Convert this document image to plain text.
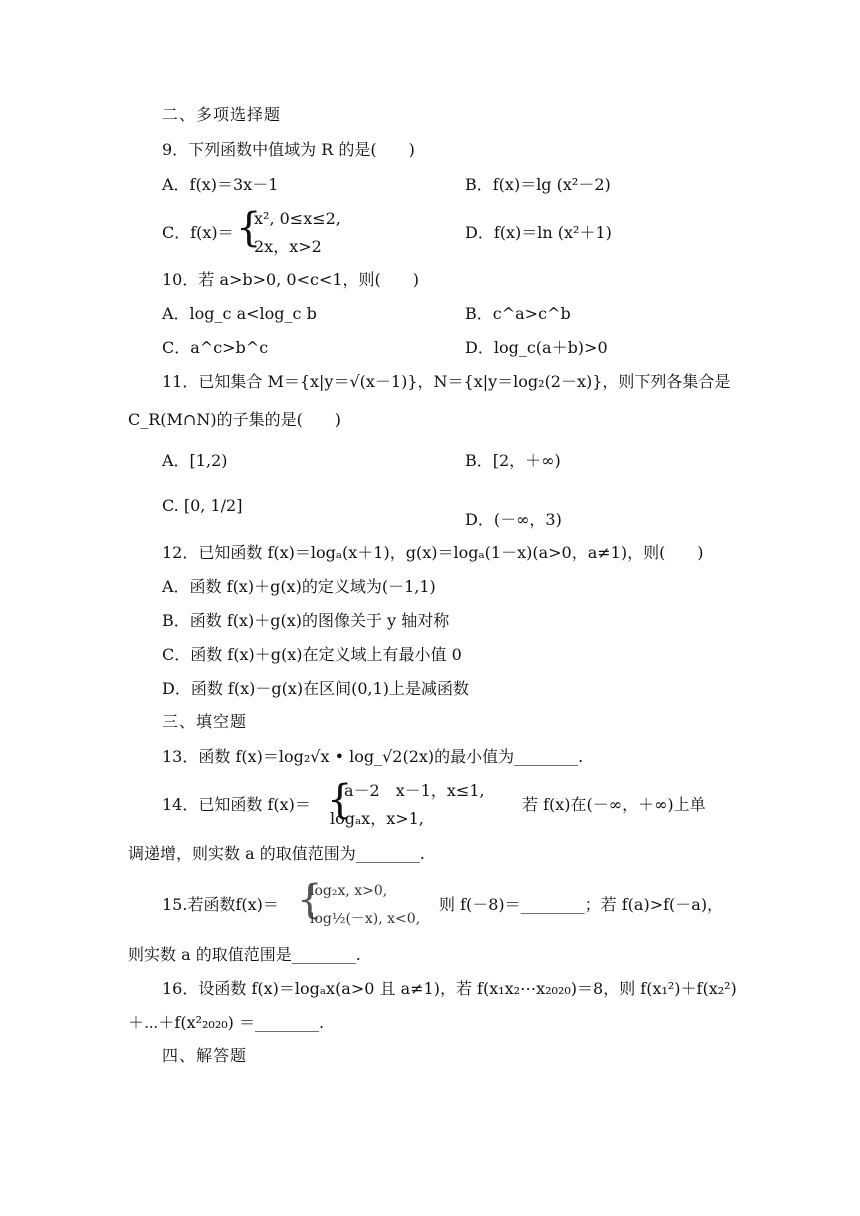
二、多项选择题
9．下列函数中值域为 R 的是(　　)
A．f(x)＝3x－1	B．f(x)＝lg (x²－2)
C．f(x)＝ {
x², 0≤x≤2,
2x，x>2
D．f(x)＝ln (x²＋1)
10．若 a>b>0, 0<c<1，则(　　)
A．log_c a<log_c b	B．c^a>c^b
C．a^c>b^c	D．log_c(a＋b)>0
11．已知集合 M＝{x|y＝√(x－1)}，N＝{x|y＝log₂(2－x)}，则下列各集合是
C_R(M∩N)的子集的是(　　)
A．[1,2)	B．[2，＋∞)
C. [0, 1/2]
D．(－∞，3)
12．已知函数 f(x)＝logₐ(x＋1)，g(x)＝logₐ(1－x)(a>0，a≠1)，则(　　)
A．函数 f(x)＋g(x)的定义域为(－1,1)
B．函数 f(x)＋g(x)的图像关于 y 轴对称
C．函数 f(x)＋g(x)在定义域上有最小值 0
D．函数 f(x)－g(x)在区间(0,1)上是减函数
三、填空题
13．函数 f(x)＝log₂√x • log_√2(2x)的最小值为________.
14．已知函数 f(x)＝ {
a－2　x－1，x≤1,
logₐx，x>1,
若 f(x)在(－∞，＋∞)上单
调递增，则实数 a 的取值范围为________.
15.若函数f(x)＝ {
log₂x, x>0,
log½(－x), x<0,
则 f(－8)＝________；若 f(a)>f(－a)，
则实数 a 的取值范围是________.
16．设函数 f(x)＝logₐx(a>0 且 a≠1)，若 f(x₁x₂⋯x₂₀₂₀)＝8，则 f(x₁²)＋f(x₂²)
＋⋯＋f(x²₂₀₂₀) ＝________.
四、解答题
